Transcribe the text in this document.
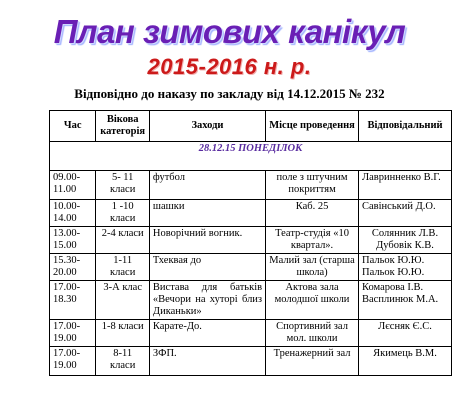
План зимових канікул
2015-2016 н. р.
Відповідно до наказу по закладу від 14.12.2015 № 232
Час	Вікова категорія	Заходи	Місце проведення	Відповідальний
28.12.15 ПОНЕДІЛОК				
09.00-11.00	5- 11 класи	футбол	поле з штучним покриттям	Лавринненко В.Г.
10.00-14.00	1 -10 класи	шашки	Каб. 25	Савінський Д.О.
13.00-15.00	2-4 класи	Новорічний вогник.	Театр-студія «10 квартал».	Солянник Л.В. Дубовік К.В.
15.30-20.00	1-11 класи	Тхеквая до	Малий зал (старша школа)	Пальок Ю.Ю. Пальок Ю.Ю.
17.00-18.30	3-А клас	Вистава для батьків «Вечори на хуторі близ Диканьки»	Актова зала молодшої школи	Комарова І.В. Васплинюк М.А.
17.00-19.00	1-8 класи	Карате-До.	Спортивний зал мол. школи	Лєсняк Є.С.
17.00-19.00	8-11 класи	ЗФП.	Тренажерний зал	Якимець В.М.
